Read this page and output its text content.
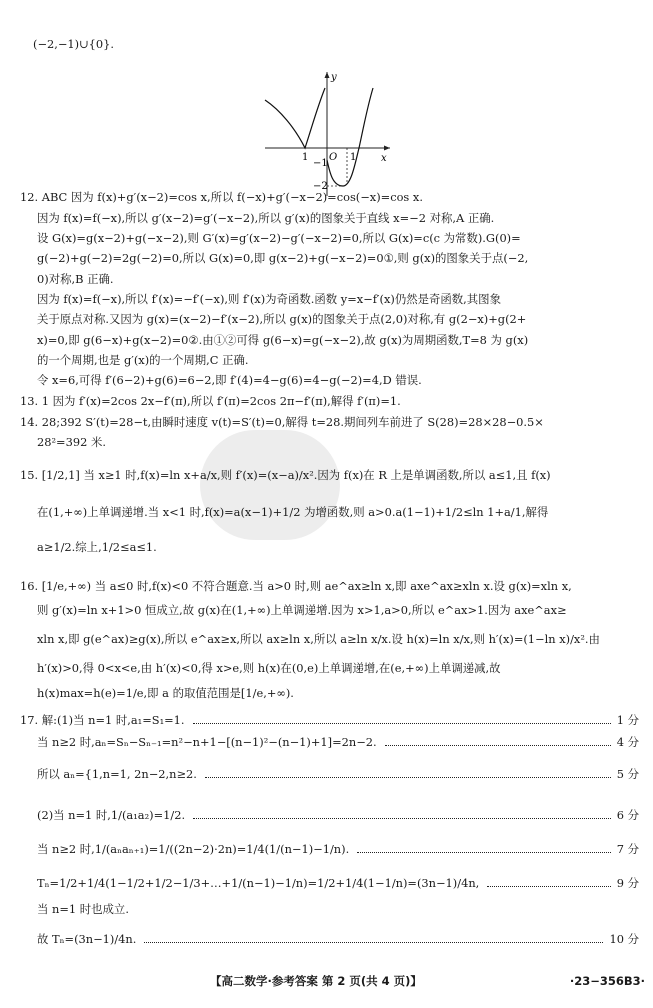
(−2,−1)∪{0}.
12. ABC 因为 f(x)+g′(x−2)=cos x,所以 f(−x)+g′(−x−2)=cos(−x)=cos x.
因为 f(x)=f(−x),所以 g′(x−2)=g′(−x−2),所以 g′(x)的图象关于直线 x=−2 对称,A 正确.
设 G(x)=g(x−2)+g(−x−2),则 G′(x)=g′(x−2)−g′(−x−2)=0,所以 G(x)=c(c 为常数).G(0)=
g(−2)+g(−2)=2g(−2)=0,所以 G(x)=0,即 g(x−2)+g(−x−2)=0①,则 g(x)的图象关于点(−2,
0)对称,B 正确.
因为 f(x)=f(−x),所以 f′(x)=−f′(−x),则 f′(x)为奇函数.函数 y=x−f′(x)仍然是奇函数,其图象
关于原点对称.又因为 g(x)=(x−2)−f′(x−2),所以 g(x)的图象关于点(2,0)对称,有 g(2−x)+g(2+
x)=0,即 g(6−x)+g(x−2)=0②.由①②可得 g(6−x)=g(−x−2),故 g(x)为周期函数,T=8 为 g(x)
的一个周期,也是 g′(x)的一个周期,C 正确.
令 x=6,可得 f′(6−2)+g(6)=6−2,即 f′(4)=4−g(6)=4−g(−2)=4,D 错误.
13. 1 因为 f′(x)=2cos 2x−f′(π),所以 f′(π)=2cos 2π−f′(π),解得 f′(π)=1.
14. 28;392 S′(t)=28−t,由瞬时速度 v(t)=S′(t)=0,解得 t=28.期间列车前进了 S(28)=28×28−0.5×
28²=392 米.
15. [1/2,1] 当 x≥1 时,f(x)=ln x+a/x,则 f′(x)=(x−a)/x².因为 f(x)在 R 上是单调函数,所以 a≤1,且 f(x)
在(1,+∞)上单调递增.当 x<1 时,f(x)=a(x−1)+1/2 为增函数,则 a>0.a(1−1)+1/2≤ln 1+a/1,解得
a≥1/2.综上,1/2≤a≤1.
16. [1/e,+∞) 当 a≤0 时,f(x)<0 不符合题意.当 a>0 时,则 ae^ax≥ln x,即 axe^ax≥xln x.设 g(x)=xln x,
则 g′(x)=ln x+1>0 恒成立,故 g(x)在(1,+∞)上单调递增.因为 x>1,a>0,所以 e^ax>1.因为 axe^ax≥
xln x,即 g(e^ax)≥g(x),所以 e^ax≥x,所以 ax≥ln x,所以 a≥ln x/x.设 h(x)=ln x/x,则 h′(x)=(1−ln x)/x².由
h′(x)>0,得 0<x<e,由 h′(x)<0,得 x>e,则 h(x)在(0,e)上单调递增,在(e,+∞)上单调递减,故
h(x)max=h(e)=1/e,即 a 的取值范围是[1/e,+∞).
17. 解:(1)当 n=1 时,a₁=S₁=1.
当 n≥2 时,aₙ=Sₙ−Sₙ₋₁=n²−n+1−[(n−1)²−(n−1)+1]=2n−2.
所以 aₙ={1,n=1, 2n−2,n≥2.
(2)当 n=1 时,1/(a₁a₂)=1/2.
当 n≥2 时,1/(aₙaₙ₊₁)=1/((2n−2)·2n)=1/4(1/(n−1)−1/n).
Tₙ=1/2+1/4(1−1/2+1/2−1/3+…+1/(n−1)−1/n)=1/2+1/4(1−1/n)=(3n−1)/4n,
当 n=1 时也成立.
故 Tₙ=(3n−1)/4n.
y
x
O
1	1
−1
−2
1 分
4 分
5 分
6 分
7 分
9 分
10 分
【高二数学·参考答案 第 2 页(共 4 页)】	·23−356B3·
